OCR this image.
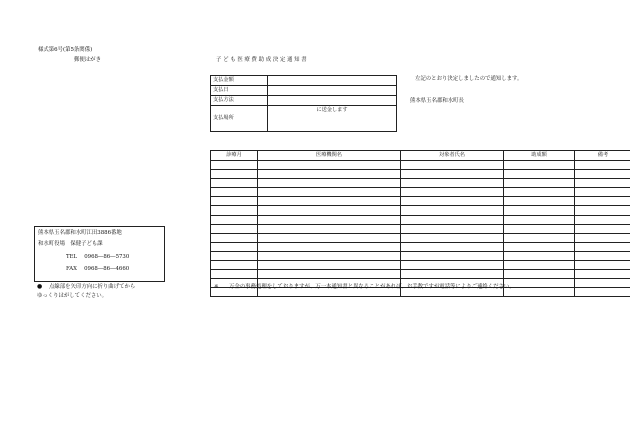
様式第6号(第5条関係)
郵便はがき	子 ど も 医 療 費 助 成 決 定 通 知 書
支払金額	
支払日	
支払方法	
支払場所	に送金します
左記のとおり決定しましたので通知します。
熊本県玉名郡和水町長
診療月	医療機関名	対象者氏名	助成額	備考

熊本県玉名郡和水町江田3886番地
和水町役場　保健子ども課
TEL　 0968―86―5730
FAX　 0968―86―4660
● 点線部を矢印方向に折り曲げてから
ゆっくりはがしてください。
※ 万全の事務処理をしておりますが、万一本通知書と異なることがあれば、お手数ですが電話等によりご連絡ください。
